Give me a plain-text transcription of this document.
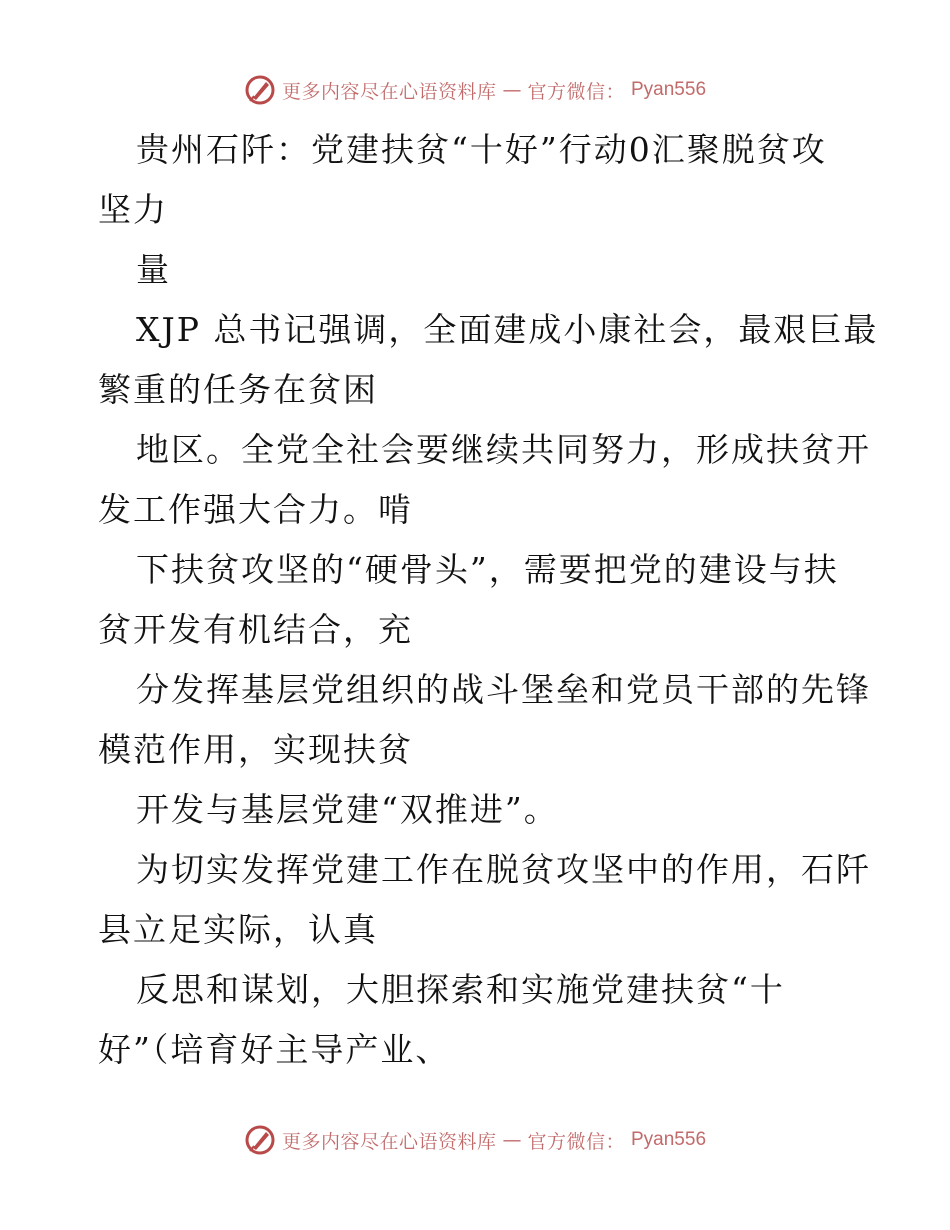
更多内容尽在心语资料库 — 官方微信： Pyan556

贵州石阡：党建扶贫“十好”行动0汇聚脱贫攻

坚力

量

XJP 总书记强调，全面建成小康社会，最艰巨最

繁重的任务在贫困

地区。全党全社会要继续共同努力，形成扶贫开

发工作强大合力。啃

下扶贫攻坚的“硬骨头”，需要把党的建设与扶

贫开发有机结合，充

分发挥基层党组织的战斗堡垒和党员干部的先锋

模范作用，实现扶贫

开发与基层党建“双推进”。

为切实发挥党建工作在脱贫攻坚中的作用，石阡

县立足实际，认真

反思和谋划，大胆探索和实施党建扶贫“十

好”（培育好主导产业、

更多内容尽在心语资料库 — 官方微信： Pyan556
